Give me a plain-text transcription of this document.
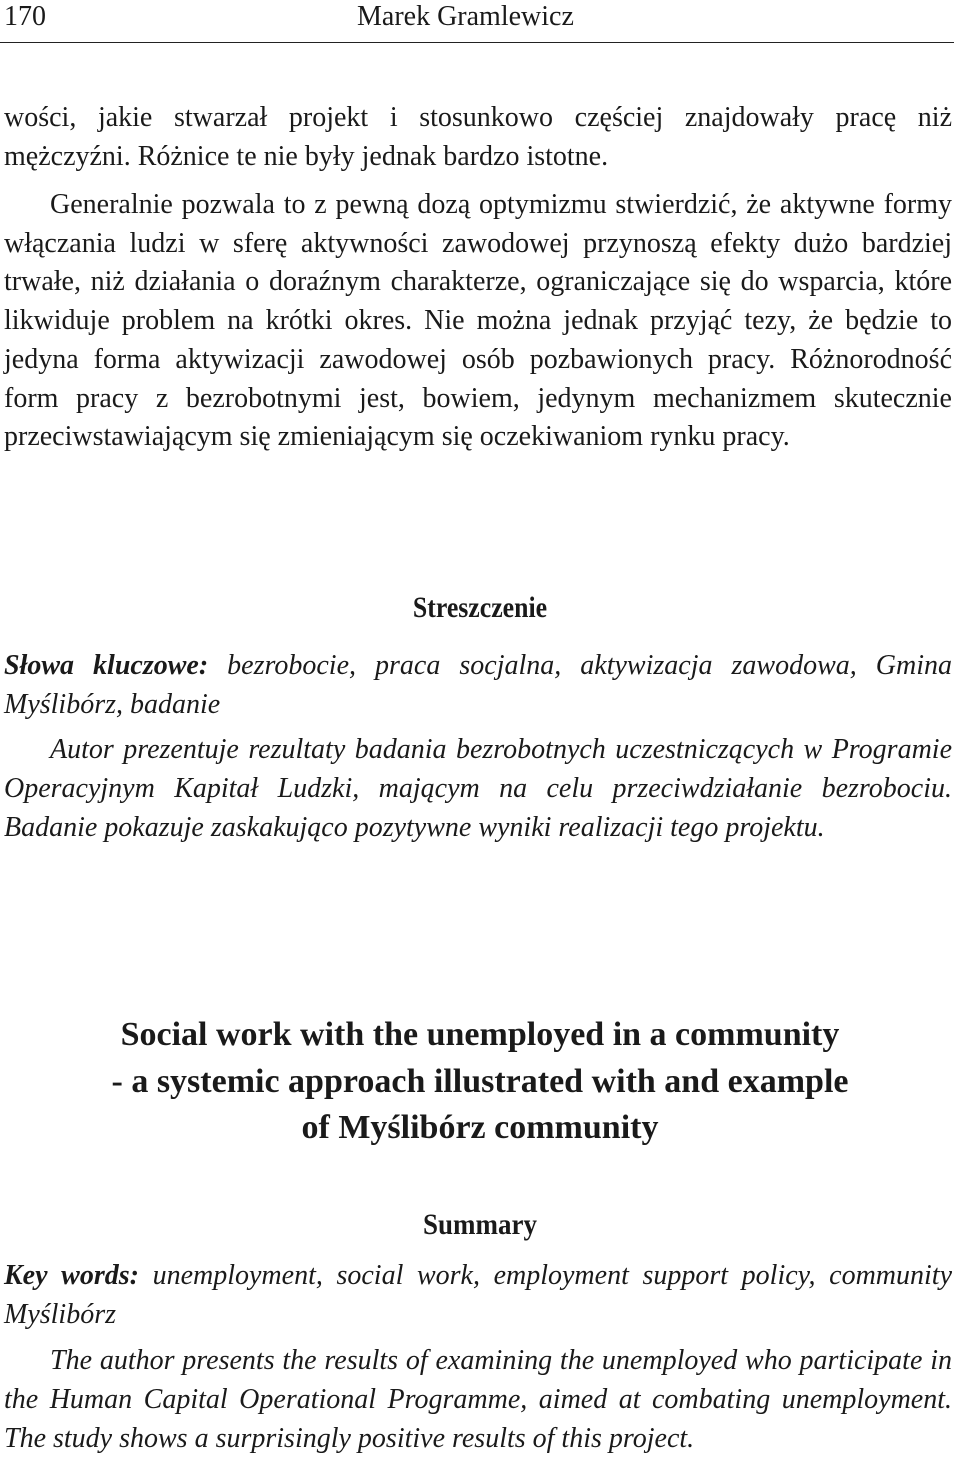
170	Marek Gramlewicz

wości, jakie stwarzał projekt i stosunkowo częściej znajdowały pracę niż mężczyźni. Różnice te nie były jednak bardzo istotne.

Generalnie pozwala to z pewną dozą optymizmu stwierdzić, że aktywne formy włączania ludzi w sferę aktywności zawodowej przynoszą efekty dużo bardziej trwałe, niż działania o doraźnym charakterze, ograniczające się do wsparcia, które likwiduje problem na krótki okres. Nie można jednak przyjąć tezy, że będzie to jedyna forma aktywizacji zawodowej osób pozbawionych pracy. Różnorodność form pracy z bezrobotnymi jest, bowiem, jedynym mechanizmem skutecznie przeciwstawiającym się zmieniającym się oczekiwaniom rynku pracy.

Streszczenie

Słowa kluczowe: bezrobocie, praca socjalna, aktywizacja zawodowa, Gmina Myślibórz, badanie

Autor prezentuje rezultaty badania bezrobotnych uczestniczących w Programie Operacyjnym Kapitał Ludzki, mającym na celu przeciwdziałanie bezrobociu. Badanie pokazuje zaskakująco pozytywne wyniki realizacji tego projektu.

Social work with the unemployed in a community
- a systemic approach illustrated with and example
of Myślibórz community
Summary

Key words: unemployment, social work, employment support policy, community Myślibórz

The author presents the results of examining the unemployed who participate in the Human Capital Operational Programme, aimed at combating unemployment. The study shows a surprisingly positive results of this project.
